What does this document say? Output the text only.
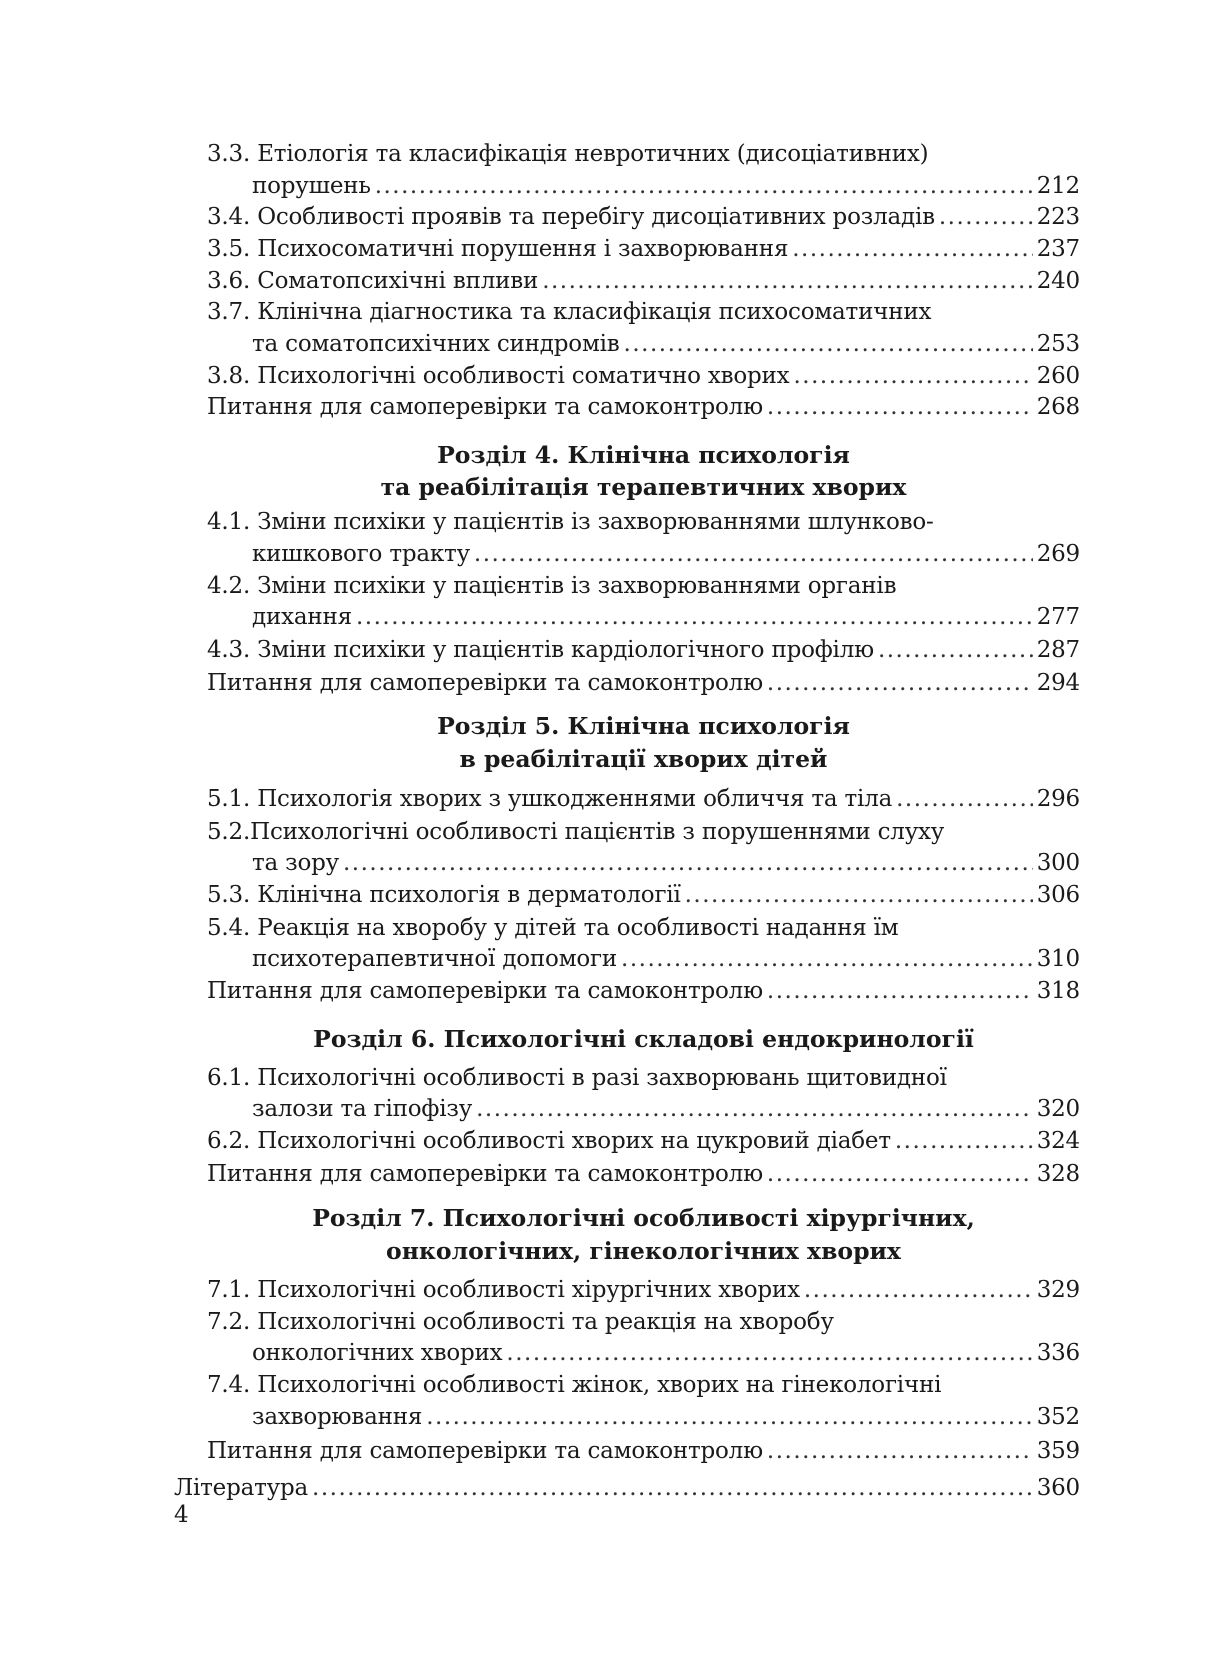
3.3. Етіологія та класифікація невротичних (дисоціативних)
порушень .....	212
3.4. Особливості проявів та перебігу дисоціативних розладів .....	223
3.5. Психосоматичні порушення і захворювання .....	237
3.6. Соматопсихічні впливи .....	240
3.7. Клінічна діагностика та класифікація психосоматичних
та соматопсихічних синдромів .....	253
3.8. Психологічні особливості соматично хворих .....	260
Питання для самоперевірки та самоконтролю .....	268
Розділ 4. Клінічна психологія
та реабілітація терапевтичних хворих
4.1. Зміни психіки у пацієнтів із захворюваннями шлунково-
кишкового тракту .....	269
4.2. Зміни психіки у пацієнтів із захворюваннями органів
дихання .....	277
4.3. Зміни психіки у пацієнтів кардіологічного профілю .....	287
Питання для самоперевірки та самоконтролю .....	294
Розділ 5. Клінічна психологія
в реабілітації хворих дітей
5.1. Психологія хворих з ушкодженнями обличчя та тіла .....	296
5.2.Психологічні особливості пацієнтів з порушеннями слуху
та зору .....	300
5.3. Клінічна психологія в дерматології .....	306
5.4. Реакція на хворобу у дітей та особливості надання їм
психотерапевтичної допомоги .....	310
Питання для самоперевірки та самоконтролю .....	318
Розділ 6. Психологічні складові ендокринології
6.1. Психологічні особливості в разі захворювань щитовидної
залози та гіпофізу .....	320
6.2. Психологічні особливості хворих на цукровий діабет .....	324
Питання для самоперевірки та самоконтролю .....	328
Розділ 7. Психологічні особливості хірургічних,
онкологічних, гінекологічних хворих
7.1. Психологічні особливості хірургічних хворих .....	329
7.2. Психологічні особливості та реакція на хворобу
онкологічних хворих .....	336
7.4. Психологічні особливості жінок, хворих на гінекологічні
захворювання .....	352
Питання для самоперевірки та самоконтролю .....	359
Література .....	360
4
